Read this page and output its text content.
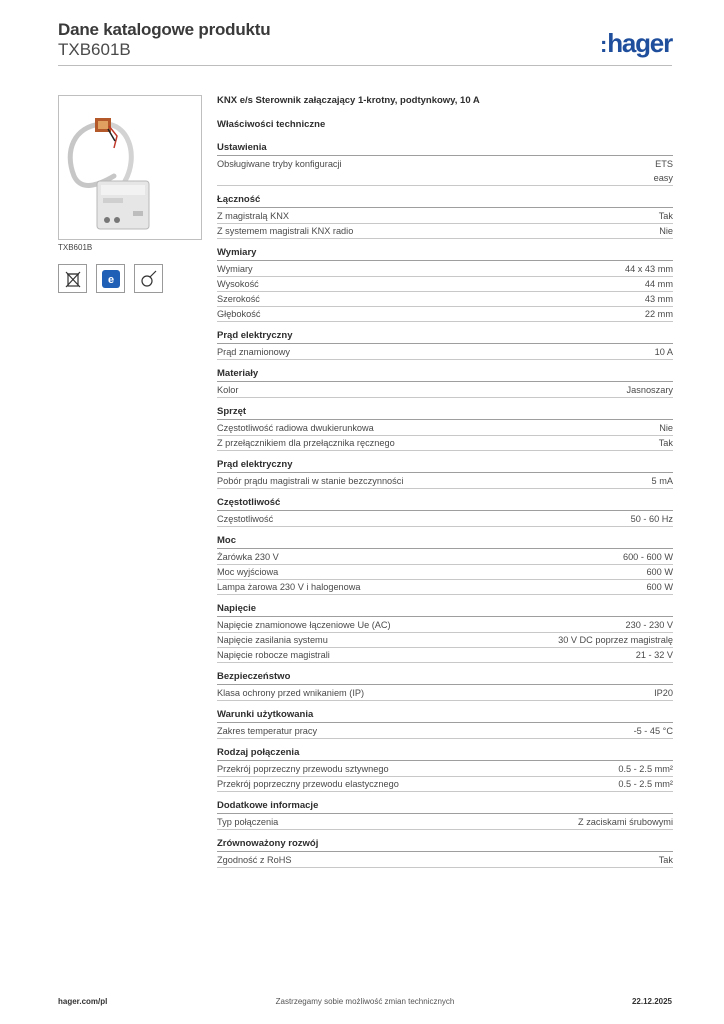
Dane katalogowe produktu
TXB601B	:hager
TXB601B
e
KNX e/s Sterownik załączający 1-krotny, podtynkowy, 10 A
Właściwości techniczne
Ustawienia
Obsługiwane tryby konfiguracji	ETS
easy
Łączność
Z magistralą KNX	Tak
Z systemem magistrali KNX radio	Nie
Wymiary
Wymiary	44 x 43 mm
Wysokość	44 mm
Szerokość	43 mm
Głębokość	22 mm
Prąd elektryczny
Prąd znamionowy	10 A
Materiały
Kolor	Jasnoszary
Sprzęt
Częstotliwość radiowa dwukierunkowa	Nie
Z przełącznikiem dla przełącznika ręcznego	Tak
Prąd elektryczny
Pobór prądu magistrali w stanie bezczynności	5 mA
Częstotliwość
Częstotliwość	50 - 60 Hz
Moc
Żarówka 230 V	600 - 600 W
Moc wyjściowa	600 W
Lampa żarowa 230 V i halogenowa	600 W
Napięcie
Napięcie znamionowe łączeniowe Ue (AC)	230 - 230 V
Napięcie zasilania systemu	30 V DC poprzez magistralę
Napięcie robocze magistrali	21 - 32 V
Bezpieczeństwo
Klasa ochrony przed wnikaniem (IP)	IP20
Warunki użytkowania
Zakres temperatur pracy	-5 - 45 °C
Rodzaj połączenia
Przekrój poprzeczny przewodu sztywnego	0.5 - 2.5 mm²
Przekrój poprzeczny przewodu elastycznego	0.5 - 2.5 mm²
Dodatkowe informacje
Typ połączenia	Z zaciskami śrubowymi
Zrównoważony rozwój
Zgodność z RoHS	Tak
hager.com/pl	Zastrzegamy sobie możliwość zmian technicznych	22.12.2025
